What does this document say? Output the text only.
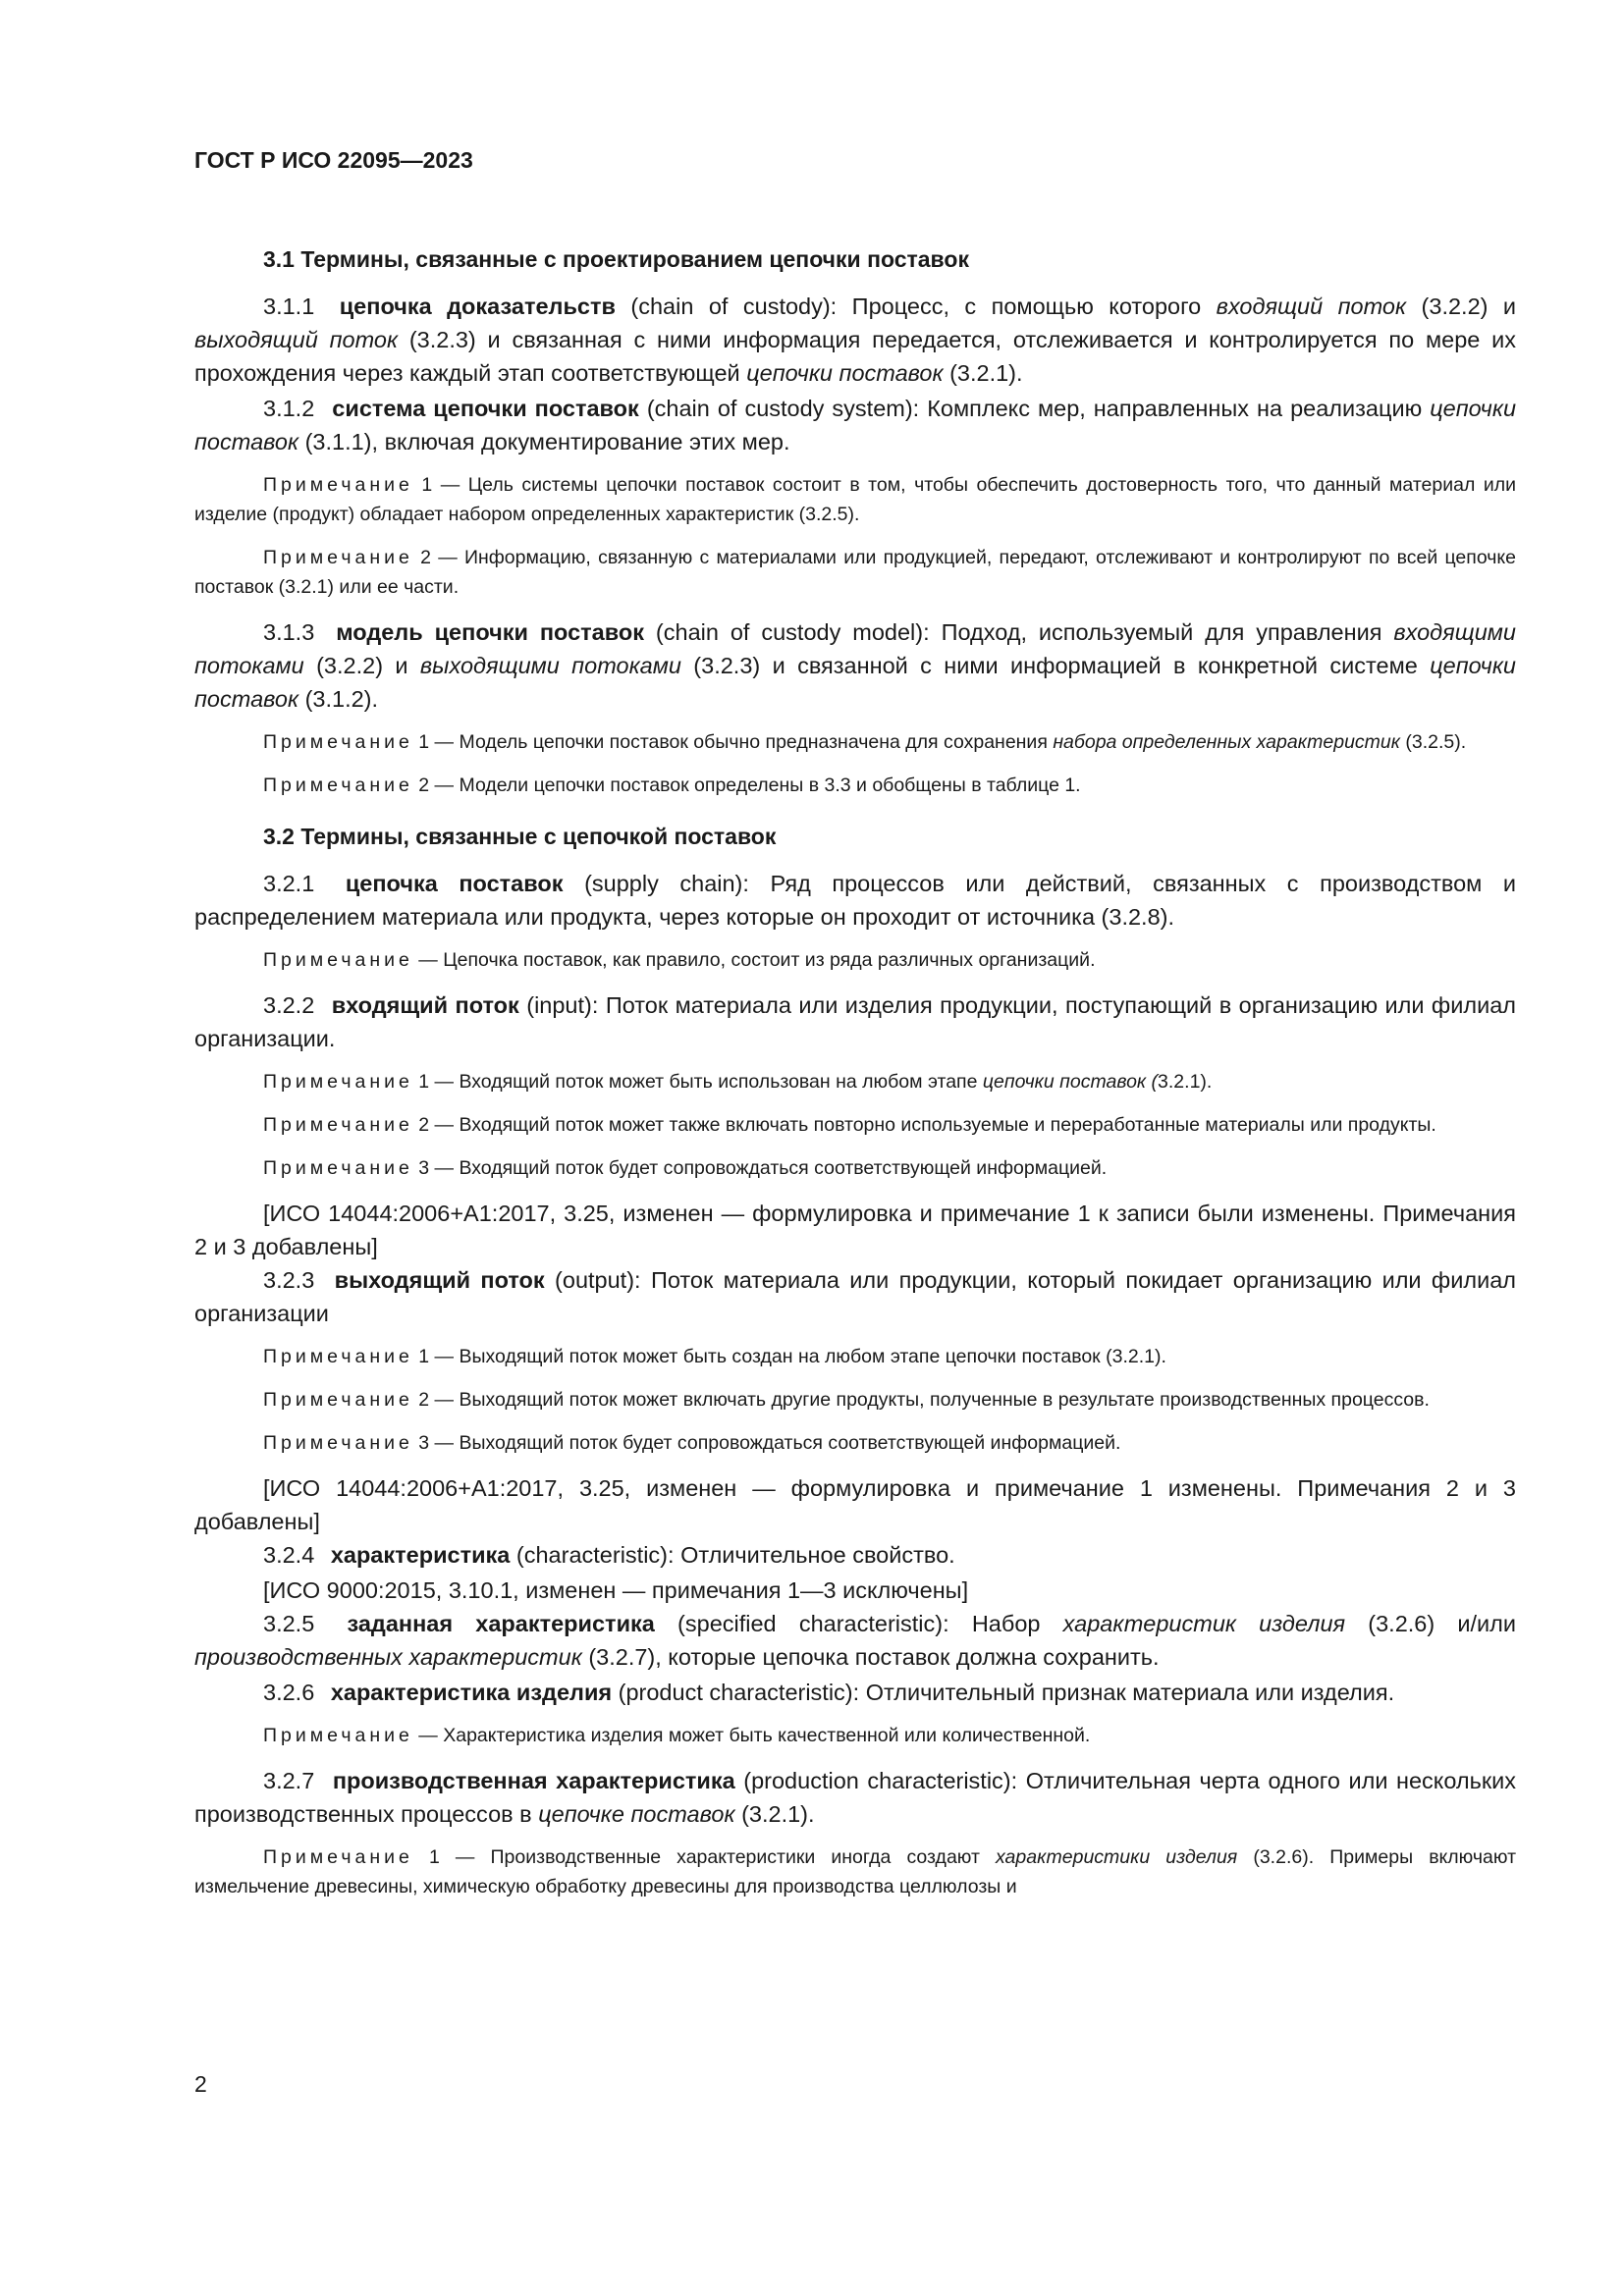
ГОСТ Р ИСО 22095—2023
3.1 Термины, связанные с проектированием цепочки поставок

3.1.1 цепочка доказательств (chain of custody): Процесс, с помощью которого входящий поток (3.2.2) и выходящий поток (3.2.3) и связанная с ними информация передается, отслеживается и контролируется по мере их прохождения через каждый этап соответствующей цепочки поставок (3.2.1).

3.1.2 система цепочки поставок (chain of custody system): Комплекс мер, направленных на реализацию цепочки поставок (3.1.1), включая документирование этих мер.

Примечание 1 — Цель системы цепочки поставок состоит в том, чтобы обеспечить достоверность того, что данный материал или изделие (продукт) обладает набором определенных характеристик (3.2.5).

Примечание 2 — Информацию, связанную с материалами или продукцией, передают, отслеживают и контролируют по всей цепочке поставок (3.2.1) или ее части.

3.1.3 модель цепочки поставок (chain of custody model): Подход, используемый для управления входящими потоками (3.2.2) и выходящими потоками (3.2.3) и связанной с ними информацией в конкретной системе цепочки поставок (3.1.2).

Примечание 1 — Модель цепочки поставок обычно предназначена для сохранения набора определенных характеристик (3.2.5).

Примечание 2 — Модели цепочки поставок определены в 3.3 и обобщены в таблице 1.

3.2 Термины, связанные с цепочкой поставок

3.2.1 цепочка поставок (supply chain): Ряд процессов или действий, связанных с производством и распределением материала или продукта, через которые он проходит от источника (3.2.8).

Примечание — Цепочка поставок, как правило, состоит из ряда различных организаций.

3.2.2 входящий поток (input): Поток материала или изделия продукции, поступающий в организацию или филиал организации.

Примечание 1 — Входящий поток может быть использован на любом этапе цепочки поставок (3.2.1).

Примечание 2 — Входящий поток может также включать повторно используемые и переработанные материалы или продукты.

Примечание 3 — Входящий поток будет сопровождаться соответствующей информацией.

[ИСО 14044:2006+А1:2017, 3.25, изменен — формулировка и примечание 1 к записи были изменены. Примечания 2 и 3 добавлены]

3.2.3 выходящий поток (output): Поток материала или продукции, который покидает организацию или филиал организации

Примечание 1 — Выходящий поток может быть создан на любом этапе цепочки поставок (3.2.1).

Примечание 2 — Выходящий поток может включать другие продукты, полученные в результате производственных процессов.

Примечание 3 — Выходящий поток будет сопровождаться соответствующей информацией.

[ИСО 14044:2006+А1:2017, 3.25, изменен — формулировка и примечание 1 изменены. Примечания 2 и 3 добавлены]

3.2.4 характеристика (characteristic): Отличительное свойство.

[ИСО 9000:2015, 3.10.1, изменен — примечания 1—3 исключены]

3.2.5 заданная характеристика (specified characteristic): Набор характеристик изделия (3.2.6) и/или производственных характеристик (3.2.7), которые цепочка поставок должна сохранить.

3.2.6 характеристика изделия (product characteristic): Отличительный признак материала или изделия.

Примечание — Характеристика изделия может быть качественной или количественной.

3.2.7 производственная характеристика (production characteristic): Отличительная черта одного или нескольких производственных процессов в цепочке поставок (3.2.1).

Примечание 1 — Производственные характеристики иногда создают характеристики изделия (3.2.6). Примеры включают измельчение древесины, химическую обработку древесины для производства целлюлозы и

2
